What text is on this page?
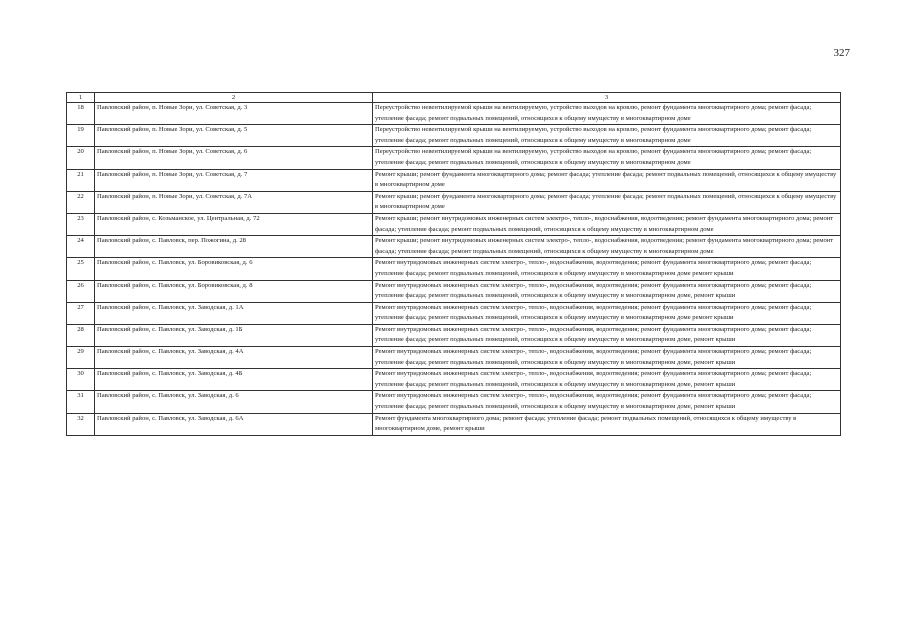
327
1	2	3
18	Павловский район, п. Новые Зори, ул. Советская, д. 3	Переустройство невентилируемой крыши на вентилируемую, устройство выходов на кровлю, ремонт фундамента многоквартирного дома; ремонт фасада; утепление фасада; ремонт подвальных помещений, относящихся к общему имуществу в многоквартирном доме
19	Павловский район, п. Новые Зори, ул. Советская, д. 5	Переустройство невентилируемой крыши на вентилируемую, устройство выходов на кровлю, ремонт фундамента многоквартирного дома; ремонт фасада; утепление фасада; ремонт подвальных помещений, относящихся к общему имуществу в многоквартирном доме
20	Павловский район, п. Новые Зори, ул. Советская, д. 6	Переустройство невентилируемой крыши на вентилируемую, устройство выходов на кровлю, ремонт фундамента многоквартирного дома; ремонт фасада; утепление фасада; ремонт подвальных помещений, относящихся к общему имуществу в многоквартирном доме
21	Павловский район, п. Новые Зори, ул. Советская, д. 7	Ремонт крыши; ремонт фундамента многоквартирного дома; ремонт фасада; утепление фасада; ремонт подвальных помещений, относящихся к общему имуществу в многоквартирном доме
22	Павловский район, п. Новые Зори, ул. Советская, д. 7А	Ремонт крыши; ремонт фундамента многоквартирного дома; ремонт фасада; утепление фасада; ремонт подвальных помещений, относящихся к общему имуществу в многоквартирном доме
23	Павловский район, с. Козьманское, ул. Центральная, д. 72	Ремонт крыши; ремонт внутридомовых инженерных систем электро-, тепло-, водоснабжения, водоотведения; ремонт фундамента многоквартирного дома; ремонт фасада; утепление фасада; ремонт подвальных помещений, относящихся к общему имуществу в многоквартирном доме
24	Павловский район, с. Павловск, пер. Пожогина, д. 28	Ремонт крыши; ремонт внутридомовых инженерных систем электро-, тепло-, водоснабжения, водоотведения; ремонт фундамента многоквартирного дома; ремонт фасада; утепление фасада; ремонт подвальных помещений, относящихся к общему имуществу в многоквартирном доме
25	Павловский район, с. Павловск, ул. Боровиковская, д. 6	Ремонт внутридомовых инженерных систем электро-, тепло-, водоснабжения, водоотведения; ремонт фундамента многоквартирного дома; ремонт фасада; утепление фасада; ремонт подвальных помещений, относящихся к общему имуществу в многоквартирном доме ремонт крыши
26	Павловский район, с. Павловск, ул. Боровиковская, д. 8	Ремонт внутридомовых инженерных систем электро-, тепло-, водоснабжения, водоотведения; ремонт фундамента многоквартирного дома; ремонт фасада; утепление фасада; ремонт подвальных помещений, относящихся к общему имуществу в многоквартирном доме, ремонт крыши
27	Павловский район, с. Павловск, ул. Заводская, д. 1А	Ремонт внутридомовых инженерных систем электро-, тепло-, водоснабжения, водоотведения; ремонт фундамента многоквартирного дома; ремонт фасада; утепление фасада; ремонт подвальных помещений, относящихся к общему имуществу в многоквартирном доме ремонт крыши
28	Павловский район, с. Павловск, ул. Заводская, д. 1Б	Ремонт внутридомовых инженерных систем электро-, тепло-, водоснабжения, водоотведения; ремонт фундамента многоквартирного дома; ремонт фасада; утепление фасада; ремонт подвальных помещений, относящихся к общему имуществу в многоквартирном доме, ремонт крыши
29	Павловский район, с. Павловск, ул. Заводская, д. 4А	Ремонт внутридомовых инженерных систем электро-, тепло-, водоснабжения, водоотведения; ремонт фундамента многоквартирного дома; ремонт фасада; утепление фасада; ремонт подвальных помещений, относящихся к общему имуществу в многоквартирном доме, ремонт крыши
30	Павловский район, с. Павловск, ул. Заводская, д. 4Б	Ремонт внутридомовых инженерных систем электро-, тепло-, водоснабжения, водоотведения; ремонт фундамента многоквартирного дома; ремонт фасада; утепление фасада; ремонт подвальных помещений, относящихся к общему имуществу в многоквартирном доме, ремонт крыши
31	Павловский район, с. Павловск, ул. Заводская, д. 6	Ремонт внутридомовых инженерных систем электро-, тепло-, водоснабжения, водоотведения; ремонт фундамента многоквартирного дома; ремонт фасада; утепление фасада; ремонт подвальных помещений, относящихся к общему имуществу в многоквартирном доме, ремонт крыши
32	Павловский район, с. Павловск, ул. Заводская, д. 6А	Ремонт фундамента многоквартирного дома; ремонт фасада; утепление фасада; ремонт подвальных помещений, относящихся к общему имуществу в многоквартирном доме, ремонт крыши
